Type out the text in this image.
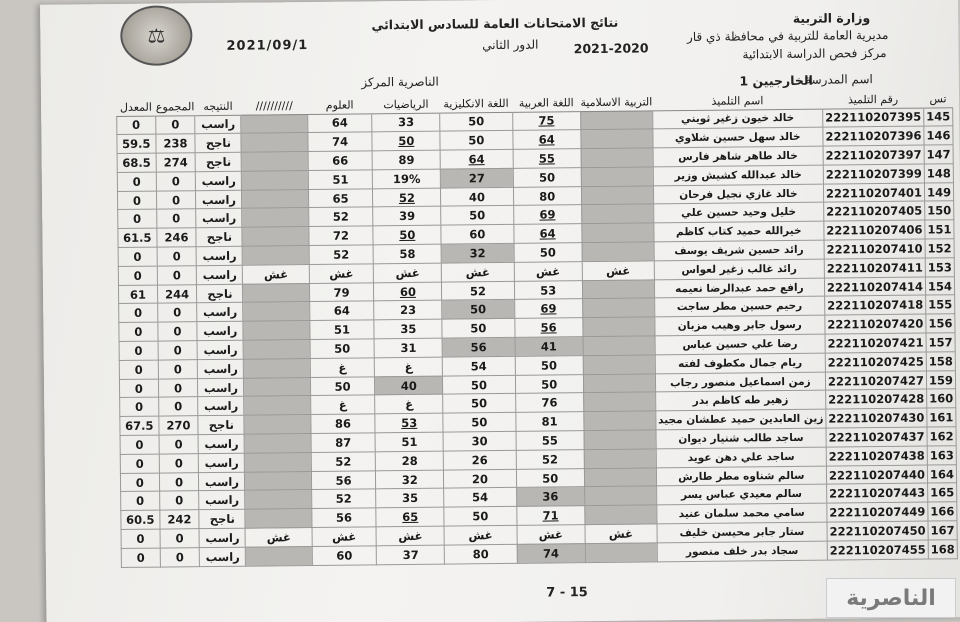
⚖
وزارة التربية
مديرية العامة للتربية في محافظة ذي قار
مركز فحص الدراسة الابتدائية
نتائج الامتحانات العامة للسادس الابتدائي
الدور الثاني	2021-2020
2021/09/1
اسم المدرسة
الخارجيين 1
الناصرية المركز
تس	رقم التلميذ	اسم التلميذ	التربية الاسلامية	اللغة العربية	اللغة الانكليزية	الرياضيات	العلوم	//////////	النتيجه	المجموع	المعدل
145	222110207395	خالد خيون زغير ثويني		75	50	33	64		راسب	0	0
146	222110207396	خالد سهل حسين شلاوي		64	50	50	74		ناجح	238	59.5
147	222110207397	خالد طاهر شاهر فارس		55	64	89	66		ناجح	274	68.5
148	222110207399	خالد عبدالله كشيش وزير		50	27	19%	51		راسب	0	0
149	222110207401	خالد غازي نجيل فرحان		80	40	52	65		راسب	0	0
150	222110207405	خليل وحيد حسين علي		69	50	39	52		راسب	0	0
151	222110207406	خيرالله حميد كتاب كاظم		64	60	50	72		ناجح	246	61.5
152	222110207410	رائد حسين شريف يوسف		50	32	58	52		راسب	0	0
153	222110207411	رائد غالب زغير لعواس	غش	غش	غش	غش	غش	غش	راسب	0	0
154	222110207414	رافع حمد عبدالرضا نعيمه		53	52	60	79		ناجح	244	61
155	222110207418	رحيم حسين مطر ساجت		69	50	23	64		راسب	0	0
156	222110207420	رسول جابر وهيب مزبان		56	50	35	51		راسب	0	0
157	222110207421	رضا علي حسين عباس		41	56	31	50		راسب	0	0
158	222110207425	ريام جمال مكطوف لفته		50	54	غ	غ		راسب	0	0
159	222110207427	زمن اسماعيل منصور رجاب		50	50	40	50		راسب	0	0
160	222110207428	زهير طه كاظم بدر		76	50	غ	غ		راسب	0	0
161	222110207430	زين العابدين حميد عطشان مجيد		81	50	53	86		ناجح	270	67.5
162	222110207437	ساجد طالب شنيار ديوان		55	30	51	87		راسب	0	0
163	222110207438	ساجد علي دهن عويد		52	26	28	52		راسب	0	0
164	222110207440	سالم شناوه مطر طارش		50	20	32	56		راسب	0	0
165	222110207443	سالم معيدي عباس يسر		36	54	35	52		راسب	0	0
166	222110207449	سامي محمد سلمان عنيد		71	50	65	56		ناجح	242	60.5
167	222110207450	ستار جابر محيسن خليف	غش	غش	غش	غش	غش	غش	راسب	0	0
168	222110207455	سجاد بدر خلف منصور		74	80	37	60		راسب	0	0
7 - 15	الناصرية
